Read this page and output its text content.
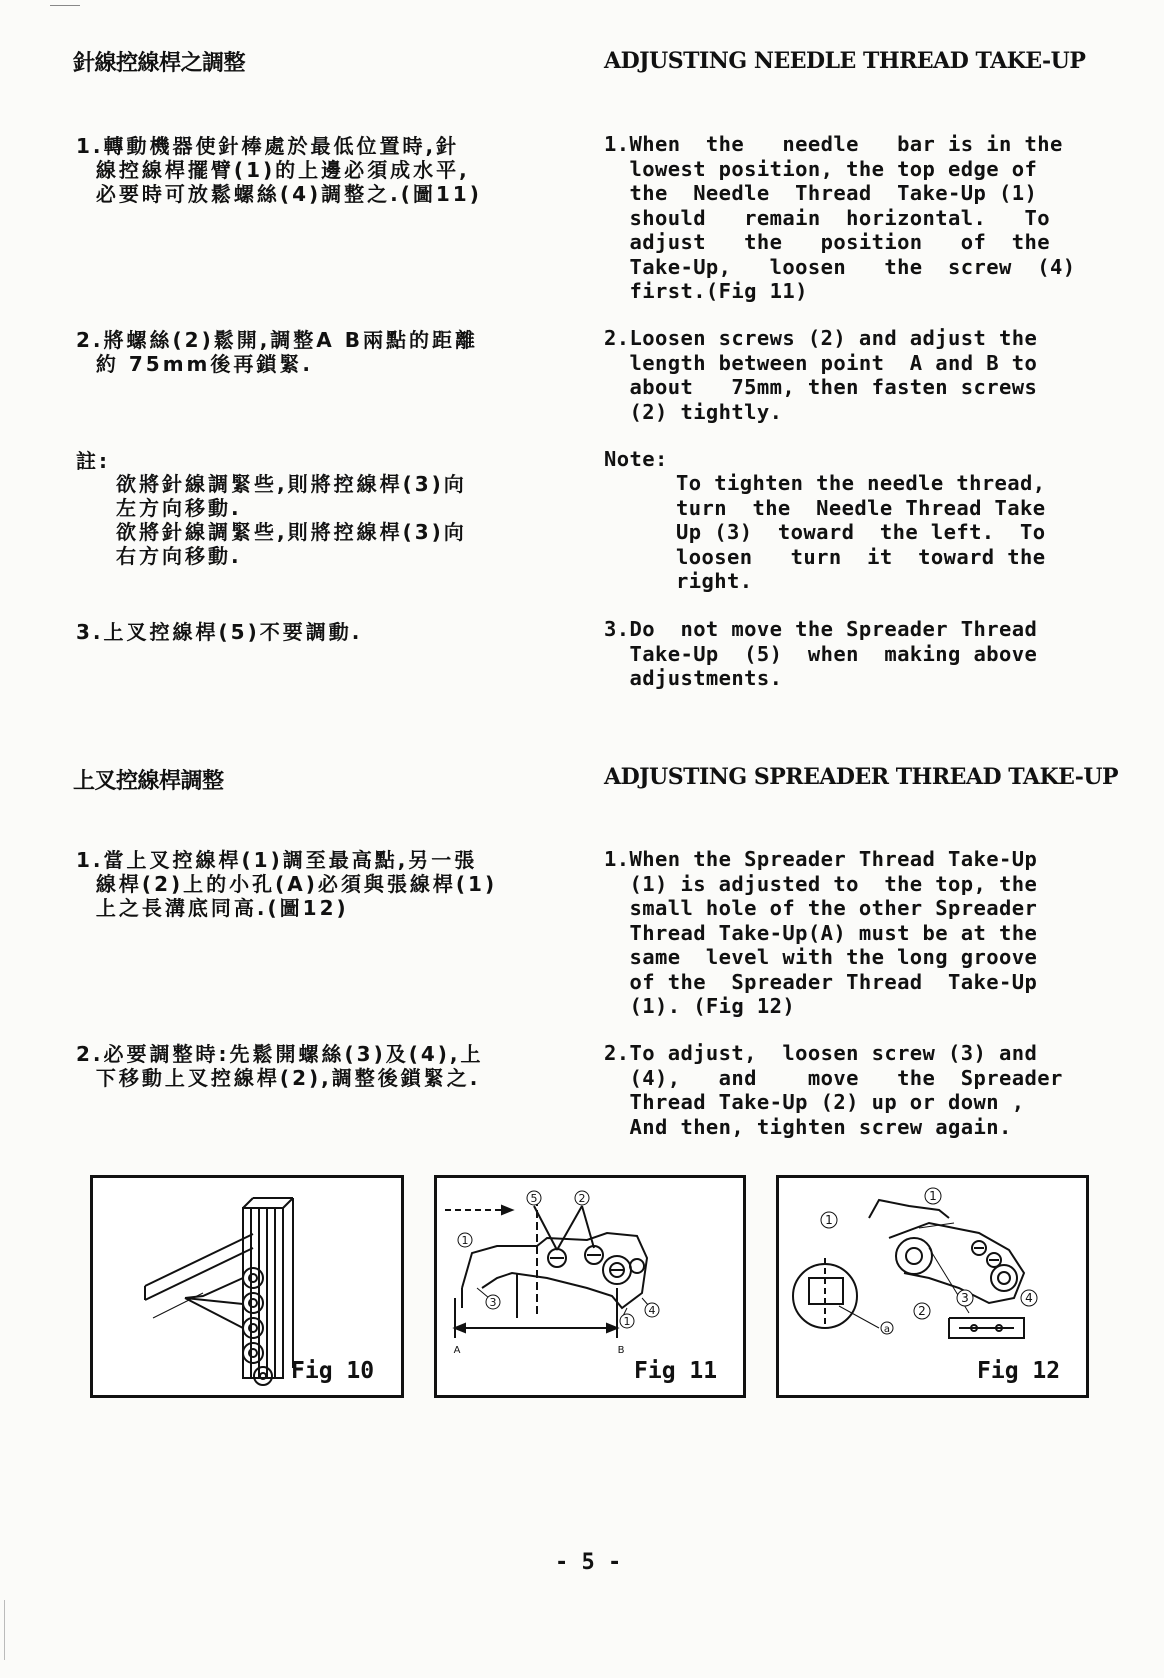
針線控線桿之調整	ADJUSTING NEEDLE THREAD TAKE-UP
1.轉動機器使針棒處於最低位置時,針
線控線桿擺臂(1)的上邊必須成水平,
必要時可放鬆螺絲(4)調整之.(圖11)
2.將螺絲(2)鬆開,調整A B兩點的距離
約 75mm後再鎖緊.
註:
欲將針線調緊些,則將控線桿(3)向
左方向移動.
欲將針線調緊些,則將控線桿(3)向
右方向移動.
3.上叉控線桿(5)不要調動.
1.When  the   needle   bar is in the
lowest position, the top edge of
the  Needle  Thread  Take-Up (1)
should   remain  horizontal.   To
adjust   the   position   of  the
Take-Up,   loosen   the  screw  (4)
first.(Fig 11)
2.Loosen screws (2) and adjust the
length between point  A and B to
about   75mm, then fasten screws
(2) tightly.
Note:
To tighten the needle thread,
turn  the  Needle Thread Take
Up (3)  toward  the left.  To
loosen   turn  it  toward the
right.
3.Do  not move the Spreader Thread
Take-Up  (5)  when  making above
adjustments.
上叉控線桿調整	ADJUSTING SPREADER THREAD TAKE-UP
1.當上叉控線桿(1)調至最高點,另一張
線桿(2)上的小孔(A)必須與張線桿(1)
上之長溝底同高.(圖12)
2.必要調整時:先鬆開螺絲(3)及(4),上
下移動上叉控線桿(2),調整後鎖緊之.
1.When the Spreader Thread Take-Up
(1) is adjusted to  the top, the
small hole of the other Spreader
Thread Take-Up(A) must be at the
same  level with the long groove
of the  Spreader Thread  Take-Up
(1). (Fig 12)
2.To adjust,  loosen screw (3) and
(4),   and    move   the  Spreader
Thread Take-Up (2) up or down ,
And then, tighten screw again.
Fig 10
5	2
1
3
1
4
A	B
Fig 11
1
1
2
3	4
a
Fig 12
- 5 -
